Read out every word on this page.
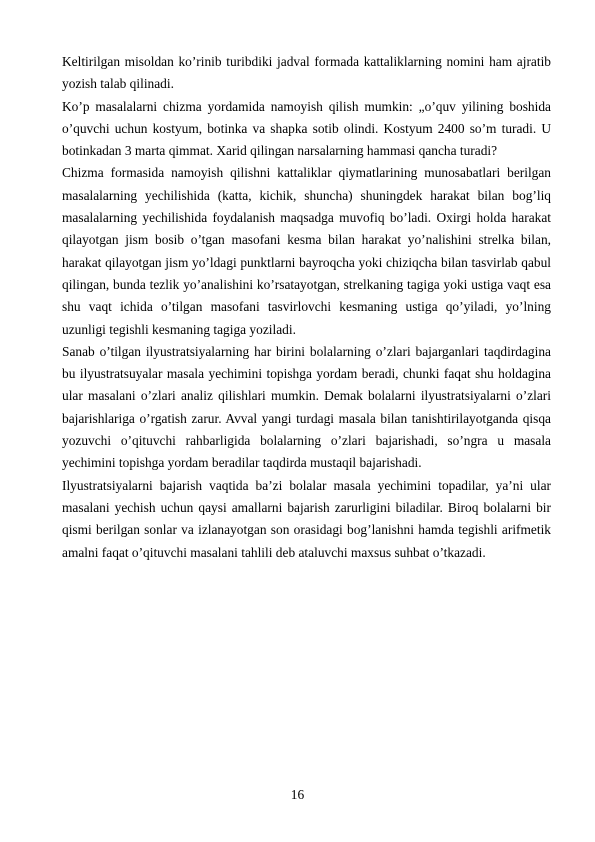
Keltirilgan misoldan ko’rinib turibdiki jadval formada kattaliklarning nomini ham ajratib yozish talab qilinadi.

Ko’p masalalarni chizma yordamida namoyish qilish mumkin: „o’quv yilining boshida o’quvchi uchun kostyum, botinka va shapka sotib olindi. Kostyum 2400 so’m turadi. U botinkadan 3 marta qimmat. Xarid qilingan narsalarning hammasi qancha turadi?

Chizma formasida namoyish qilishni kattaliklar qiymatlarining munosabatlari berilgan masalalarning yechilishida (katta, kichik, shuncha) shuningdek harakat bilan bog’liq masalalarning yechilishida foydalanish maqsadga muvofiq bo’ladi. Oxirgi holda harakat qilayotgan jism bosib o’tgan masofani kesma bilan harakat yo’nalishini strelka bilan, harakat qilayotgan jism yo’ldagi punktlarni bayroqcha yoki chiziqcha bilan tasvirlab qabul qilingan, bunda tezlik yo’analishini ko’rsatayotgan, strelkaning tagiga yoki ustiga vaqt esa shu vaqt ichida o’tilgan masofani tasvirlovchi kesmaning ustiga qo’yiladi, yo’lning uzunligi tegishli kesmaning tagiga yoziladi.

Sanab o’tilgan ilyustratsiyalarning har birini bolalarning o’zlari bajarganlari taqdirdagina bu ilyustratsuyalar masala yechimini topishga yordam beradi, chunki faqat shu holdagina ular masalani o’zlari analiz qilishlari mumkin. Demak bolalarni ilyustratsiyalarni o’zlari bajarishlariga o’rgatish zarur. Avval yangi turdagi masala bilan tanishtirilayotganda qisqa yozuvchi o’qituvchi rahbarligida bolalarning o’zlari bajarishadi, so’ngra u masala yechimini topishga yordam beradilar taqdirda mustaqil bajarishadi.

Ilyustratsiyalarni bajarish vaqtida ba’zi bolalar masala yechimini topadilar, ya’ni ular masalani yechish uchun qaysi amallarni bajarish zarurligini biladilar. Biroq bolalarni bir qismi berilgan sonlar va izlanayotgan son orasidagi bog’lanishni hamda tegishli arifmetik amalni faqat o’qituvchi masalani tahlili deb ataluvchi maxsus suhbat o’tkazadi.

16
